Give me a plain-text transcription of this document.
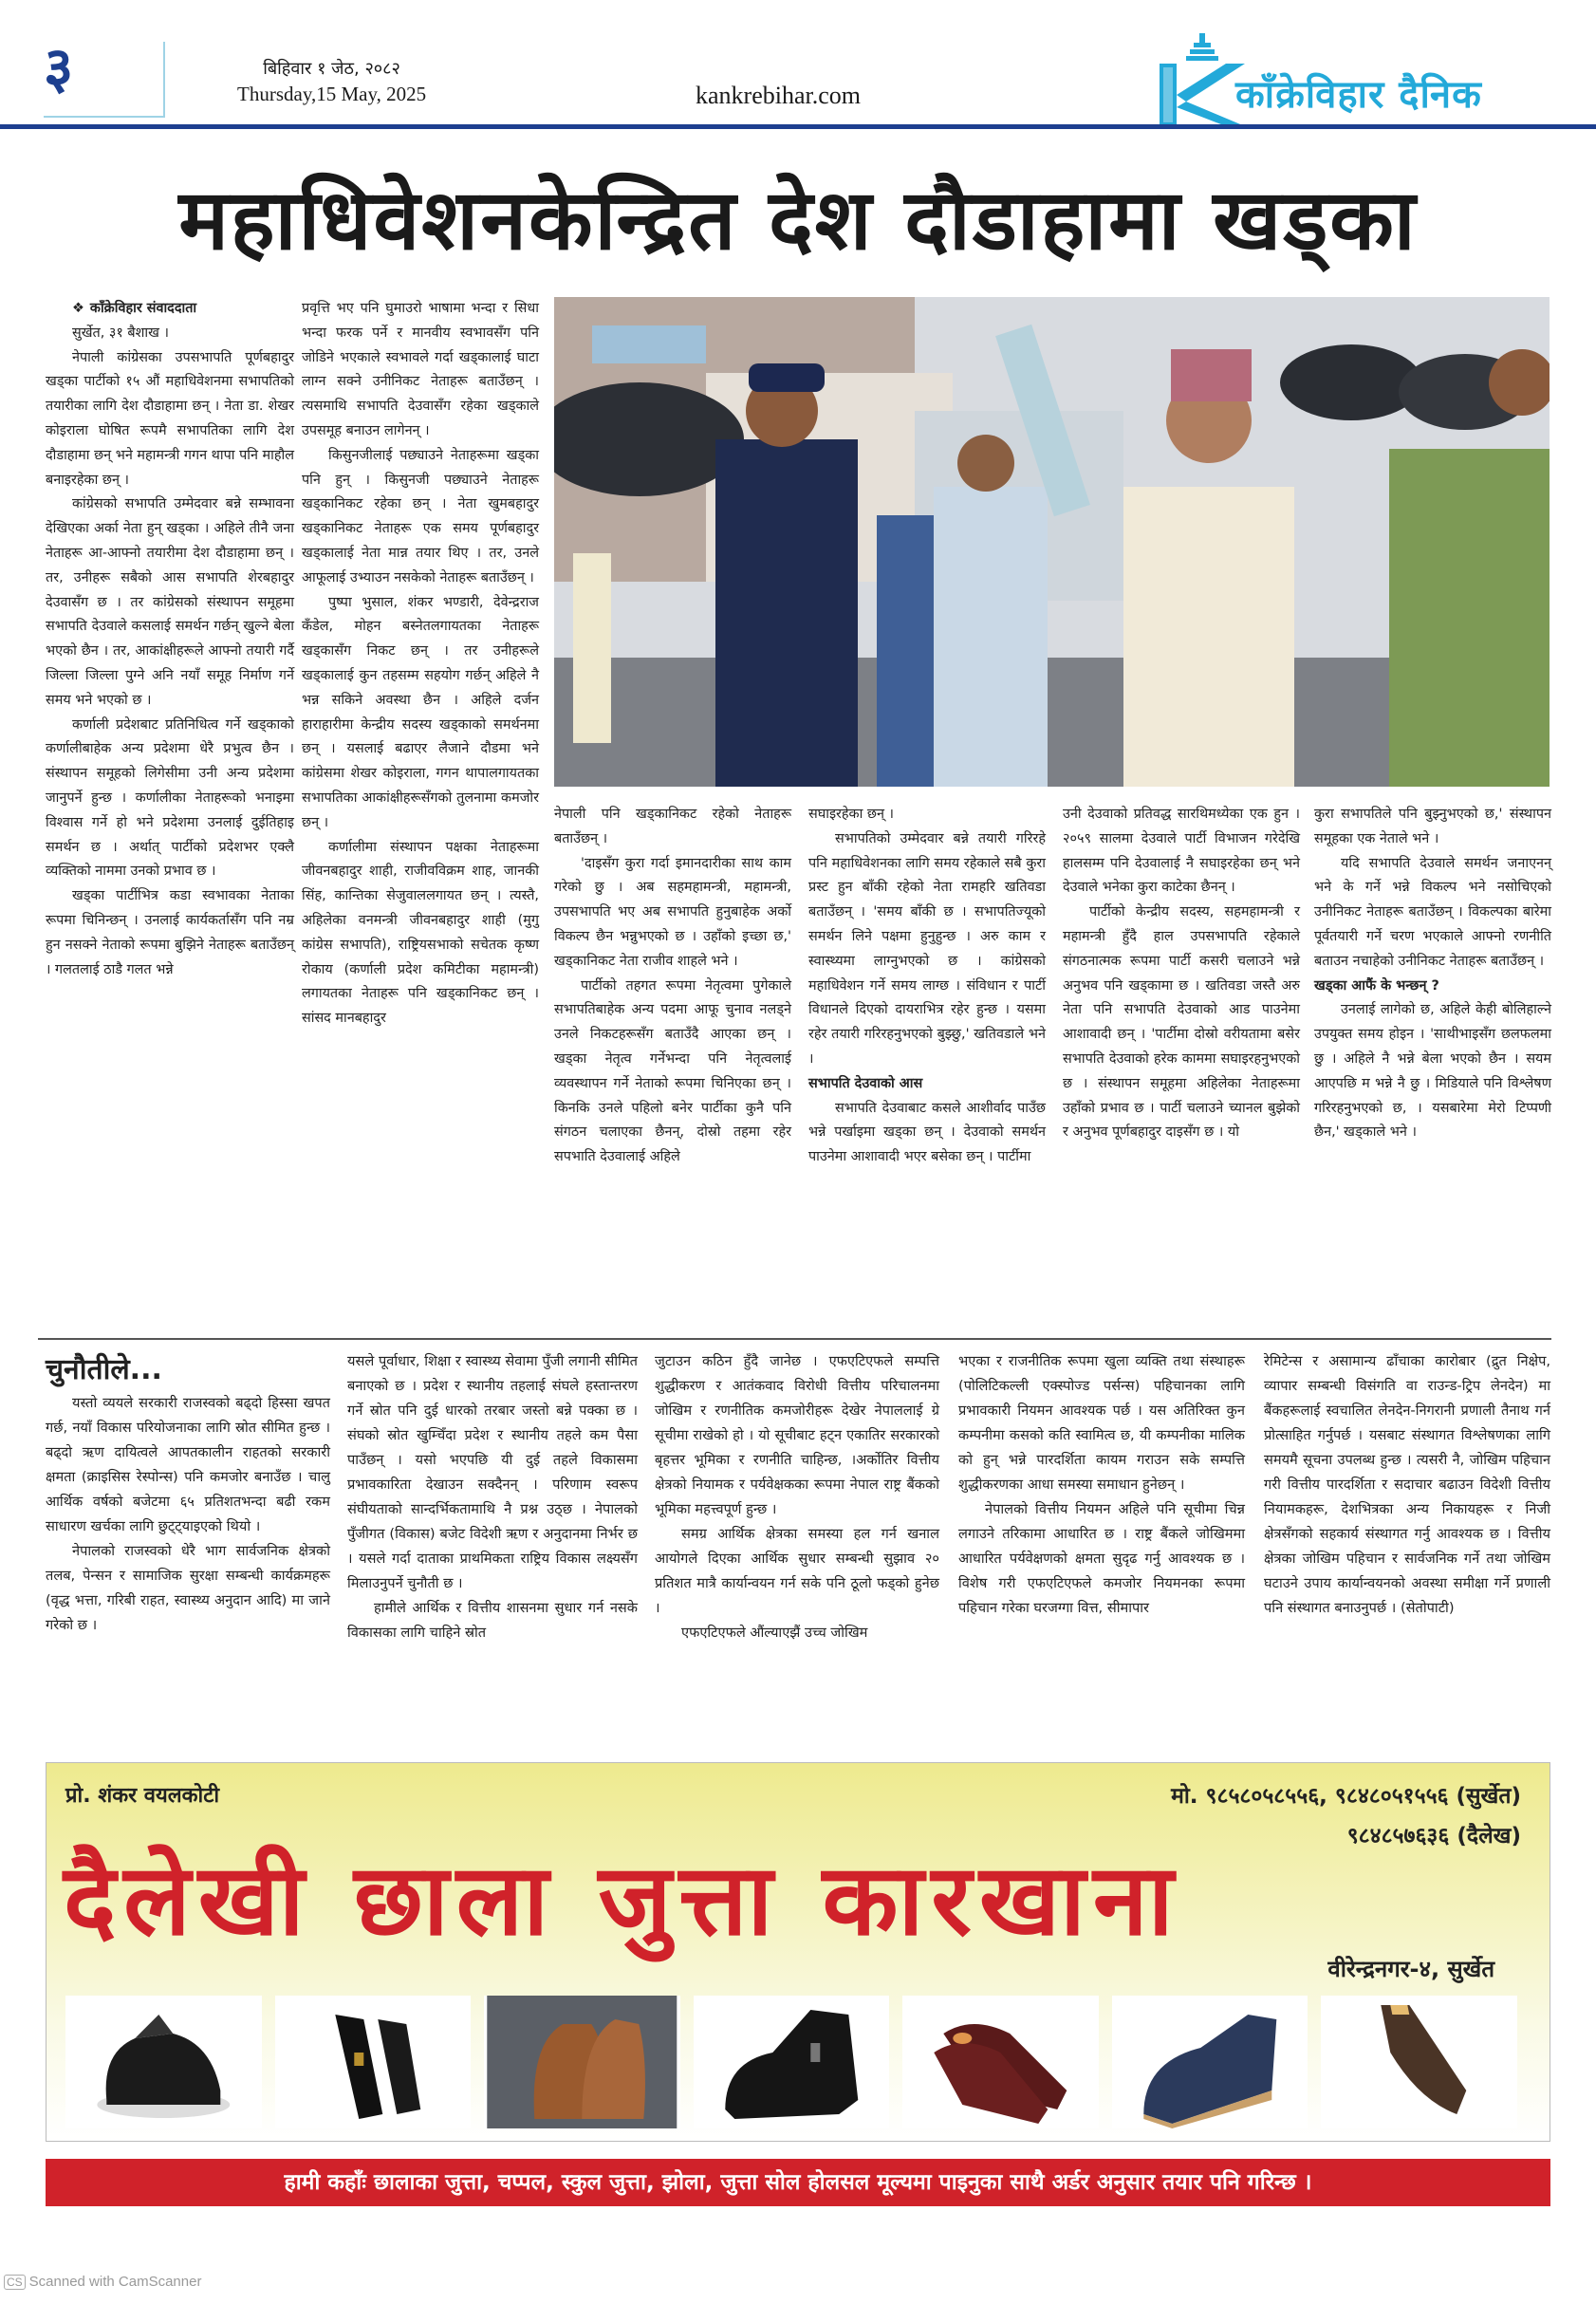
३	बिहिवार १ जेठ, २०८२
Thursday,15 May, 2025	kankrebihar.com	काँक्रेविहार दैनिक
महाधिवेशनकेन्द्रित देश दौडाहामा खड्का

❖ काँक्रेविहार संवाददाता

सुर्खेत, ३१ बैशाख ।

नेपाली कांग्रेसका उपसभापति पूर्णबहादुर खड्का पार्टीको १५ औं महाधिवेशनमा सभापतिको तयारीका लागि देश दौडाहामा छन् । नेता डा. शेखर कोइराला घोषित रूपमै सभापतिका लागि देश दौडाहामा छन् भने महामन्त्री गगन थापा पनि माहौल बनाइरहेका छन् ।

कांग्रेसको सभापति उम्मेदवार बन्ने सम्भावना देखिएका अर्का नेता हुन् खड्का । अहिले तीनै जना नेताहरू आ-आफ्नो तयारीमा देश दौडाहामा छन् । तर, उनीहरू सबैको आस सभापति शेरबहादुर देउवासँग छ । तर कांग्रेसको संस्थापन समूहमा सभापति देउवाले कसलाई समर्थन गर्छन् खुल्ने बेला भएको छैन । तर, आकांक्षीहरूले आफ्नो तयारी गर्दै जिल्ला जिल्ला पुग्ने अनि नयाँ समूह निर्माण गर्ने समय भने भएको छ ।

कर्णाली प्रदेशबाट प्रतिनिधित्व गर्ने खड्काको कर्णालीबाहेक अन्य प्रदेशमा धेरै प्रभुत्व छैन । संस्थापन समूहको लिगेसीमा उनी अन्य प्रदेशमा जानुपर्ने हुन्छ । कर्णालीका नेताहरूको भनाइमा विश्वास गर्ने हो भने प्रदेशमा उनलाई दुईतिहाइ समर्थन छ । अर्थात् पार्टीको प्रदेशभर एक्लै व्यक्तिको नाममा उनको प्रभाव छ ।

खड्का पार्टीभित्र कडा स्वभावका नेताका रूपमा चिनिन्छन् । उनलाई कार्यकर्तासँग पनि नम्र हुन नसक्ने नेताको रूपमा बुझिने नेताहरू बताउँछन् । गलतलाई ठाडै गलत भन्ने

प्रवृत्ति भए पनि घुमाउरो भाषामा भन्दा र सिधा भन्दा फरक पर्ने र मानवीय स्वभावसँग पनि जोडिने भएकाले स्वभावले गर्दा खड्कालाई घाटा लाग्न सक्ने उनीनिकट नेताहरू बताउँछन् । त्यसमाथि सभापति देउवासँग रहेका खड्काले उपसमूह बनाउन लागेनन् ।

किसुनजीलाई पछ्याउने नेताहरूमा खड्का पनि हुन् । किसुनजी पछ्याउने नेताहरू खड्कानिकट रहेका छन् । नेता खुमबहादुर खड्कानिकट नेताहरू एक समय पूर्णबहादुर खड्कालाई नेता मान्न तयार थिए । तर, उनले आफूलाई उभ्याउन नसकेको नेताहरू बताउँछन् ।

पुष्पा भुसाल, शंकर भण्डारी, देवेन्द्रराज कँडेल, मोहन बस्नेतलगायतका नेताहरू खड्कासँग निकट छन् । तर उनीहरूले खड्कालाई कुन तहसम्म सहयोग गर्छन् अहिले नै भन्न सकिने अवस्था छैन । अहिले दर्जन हाराहारीमा केन्द्रीय सदस्य खड्काको समर्थनमा छन् । यसलाई बढाएर लैजाने दौडमा भने कांग्रेसमा शेखर कोइराला, गगन थापालगायतका सभापतिका आकांक्षीहरूसँगको तुलनामा कमजोर छन् ।

कर्णालीमा संस्थापन पक्षका नेताहरूमा जीवनबहादुर शाही, राजीवविक्रम शाह, जानकी सिंह, कान्तिका सेजुवाललगायत छन् । त्यस्तै, अहिलेका वनमन्त्री जीवनबहादुर शाही (मुगु कांग्रेस सभापति), राष्ट्रियसभाको सचेतक कृष्ण रोकाय (कर्णाली प्रदेश कमिटीका महामन्त्री) लगायतका नेताहरू पनि खड्कानिकट छन् । सांसद मानबहादुर

नेपाली पनि खड्कानिकट रहेको नेताहरू बताउँछन् ।

'दाइसँग कुरा गर्दा इमानदारीका साथ काम गरेको छु । अब सहमहामन्त्री, महामन्त्री, उपसभापति भए अब सभापति हुनुबाहेक अर्को विकल्प छैन भन्नुभएको छ । उहाँको इच्छा छ,' खड्कानिकट नेता राजीव शाहले भने ।

पार्टीको तहगत रूपमा नेतृत्वमा पुगेकाले सभापतिबाहेक अन्य पदमा आफू चुनाव नलड्ने उनले निकटहरूसँग बताउँदै आएका छन् । खड्का नेतृत्व गर्नेभन्दा पनि नेतृत्वलाई व्यवस्थापन गर्ने नेताको रूपमा चिनिएका छन् । किनकि उनले पहिलो बनेर पार्टीका कुनै पनि संगठन चलाएका छैनन्, दोस्रो तहमा रहेर सपभाति देउवालाई अहिले

सघाइरहेका छन् ।

सभापतिको उम्मेदवार बन्ने तयारी गरिरहे पनि महाधिवेशनका लागि समय रहेकाले सबै कुरा प्रस्ट हुन बाँकी रहेको नेता रामहरि खतिवडा बताउँछन् । 'समय बाँकी छ । सभापतिज्यूको समर्थन लिने पक्षमा हुनुहुन्छ । अरु काम र स्वास्थ्यमा लाग्नुभएको छ । कांग्रेसको महाधिवेशन गर्ने समय लाग्छ । संविधान र पार्टी विधानले दिएको दायराभित्र रहेर हुन्छ । यसमा रहेर तयारी गरिरहनुभएको बुझ्छु,' खतिवडाले भने ।

सभापति देउवाको आस

सभापति देउवाबाट कसले आशीर्वाद पाउँछ भन्ने पर्खाइमा खड्का छन् । देउवाको समर्थन पाउनेमा आशावादी भएर बसेका छन् । पार्टीमा

उनी देउवाको प्रतिवद्ध सारथिमध्येका एक हुन । २०५९ सालमा देउवाले पार्टी विभाजन गरेदेखि हालसम्म पनि देउवालाई नै सघाइरहेका छन् भने देउवाले भनेका कुरा काटेका छैनन् ।

पार्टीको केन्द्रीय सदस्य, सहमहामन्त्री र महामन्त्री हुँदै हाल उपसभापति रहेकाले संगठनात्मक रूपमा पार्टी कसरी चलाउने भन्ने अनुभव पनि खड्कामा छ । खतिवडा जस्तै अरु नेता पनि सभापति देउवाको आड पाउनेमा आशावादी छन् । 'पार्टीमा दोस्रो वरीयतामा बसेर सभापति देउवाको हरेक काममा सघाइरहनुभएको छ । संस्थापन समूहमा अहिलेका नेताहरूमा उहाँको प्रभाव छ । पार्टी चलाउने च्यानल बुझेको र अनुभव पूर्णबहादुर दाइसँग छ । यो

कुरा सभापतिले पनि बुझ्नुभएको छ,' संस्थापन समूहका एक नेताले भने ।

यदि सभापति देउवाले समर्थन जनाएनन् भने के गर्ने भन्ने विकल्प भने नसोचिएको उनीनिकट नेताहरू बताउँछन् । विकल्पका बारेमा पूर्वतयारी गर्ने चरण भएकाले आफ्नो रणनीति बताउन नचाहेको उनीनिकट नेताहरू बताउँछन् ।

खड्का आफैं के भन्छन् ?

उनलाई लागेको छ, अहिले केही बोलिहाल्ने उपयुक्त समय होइन । 'साथीभाइसँग छलफलमा छु । अहिले नै भन्ने बेला भएको छैन । सयम आएपछि म भन्ने नै छु । मिडियाले पनि विश्लेषण गरिरहनुभएको छ, । यसबारेमा मेरो टिप्पणी छैन,' खड्काले भने ।

चुनौतीले...

यस्तो व्ययले सरकारी राजस्वको बढ्दो हिस्सा खपत गर्छ, नयाँ विकास परियोजनाका लागि स्रोत सीमित हुन्छ । बढ्दो ऋण दायित्वले आपतकालीन राहतको सरकारी क्षमता (क्राइसिस रेस्पोन्स) पनि कमजोर बनाउँछ । चालु आर्थिक वर्षको बजेटमा ६५ प्रतिशतभन्दा बढी रकम साधारण खर्चका लागि छुट्ट्याइएको थियो ।

नेपालको राजस्वको धेरै भाग सार्वजनिक क्षेत्रको तलब, पेन्सन र सामाजिक सुरक्षा सम्बन्धी कार्यक्रमहरू (वृद्ध भत्ता, गरिबी राहत, स्वास्थ्य अनुदान आदि) मा जाने गरेको छ ।

यसले पूर्वाधार, शिक्षा र स्वास्थ्य सेवामा पुँजी लगानी सीमित बनाएको छ । प्रदेश र स्थानीय तहलाई संघले हस्तान्तरण गर्ने स्रोत पनि दुई धारको तरबार जस्तो बन्ने पक्का छ । संघको स्रोत खुम्चिँदा प्रदेश र स्थानीय तहले कम पैसा पाउँछन् । यसो भएपछि यी दुई तहले विकासमा प्रभावकारिता देखाउन सक्दैनन् । परिणाम स्वरूप संघीयताको सान्दर्भिकतामाथि नै प्रश्न उठ्छ । नेपालको पुँजीगत (विकास) बजेट विदेशी ऋण र अनुदानमा निर्भर छ । यसले गर्दा दाताका प्राथमिकता राष्ट्रिय विकास लक्ष्यसँग मिलाउनुपर्ने चुनौती छ ।

हामीले आर्थिक र वित्तीय शासनमा सुधार गर्न नसके विकासका लागि चाहिने स्रोत

जुटाउन कठिन हुँदै जानेछ । एफएटिएफले सम्पत्ति शुद्धीकरण र आतंकवाद विरोधी वित्तीय परिचालनमा जोखिम र रणनीतिक कमजोरीहरू देखेर नेपाललाई ग्रे सूचीमा राखेको हो । यो सूचीबाट हट्न एकातिर सरकारको बृहत्तर भूमिका र रणनीति चाहिन्छ, ।अर्कोतिर वित्तीय क्षेत्रको नियामक र पर्यवेक्षकका रूपमा नेपाल राष्ट्र बैंकको भूमिका महत्त्वपूर्ण हुन्छ ।

समग्र आर्थिक क्षेत्रका समस्या हल गर्न खनाल आयोगले दिएका आर्थिक सुधार सम्बन्धी सुझाव २० प्रतिशत मात्रै कार्यान्वयन गर्न सके पनि ठूलो फड्को हुनेछ ।

एफएटिएफले औंल्याएझैं उच्च जोखिम

भएका र राजनीतिक रूपमा खुला व्यक्ति तथा संस्थाहरू (पोलिटिकल्ली एक्स्पोज्ड पर्सन्स) पहिचानका लागि प्रभावकारी नियमन आवश्यक पर्छ । यस अतिरिक्त कुन कम्पनीमा कसको कति स्वामित्व छ, यी कम्पनीका मालिक को हुन् भन्ने पारदर्शिता कायम गराउन सके सम्पत्ति शुद्धीकरणका आधा समस्या समाधान हुनेछन् ।

नेपालको वित्तीय नियमन अहिले पनि सूचीमा चिन्न लगाउने तरिकामा आधारित छ । राष्ट्र बैंकले जोखिममा आधारित पर्यवेक्षणको क्षमता सुदृढ गर्नु आवश्यक छ । विशेष गरी एफएटिएफले कमजोर नियमनका रूपमा पहिचान गरेका घरजग्गा वित्त, सीमापार

रेमिटेन्स र असामान्य ढाँचाका कारोबार (द्रुत निक्षेप, व्यापार सम्बन्धी विसंगति वा राउन्ड-ट्रिप लेनदेन) मा बैंकहरूलाई स्वचालित लेनदेन-निगरानी प्रणाली तैनाथ गर्न प्रोत्साहित गर्नुपर्छ । यसबाट संस्थागत विश्लेषणका लागि समयमै सूचना उपलब्ध हुन्छ । त्यसरी नै, जोखिम पहिचान गरी वित्तीय पारदर्शिता र सदाचार बढाउन विदेशी वित्तीय नियामकहरू, देशभित्रका अन्य निकायहरू र निजी क्षेत्रसँगको सहकार्य संस्थागत गर्नु आवश्यक छ । वित्तीय क्षेत्रका जोखिम पहिचान र सार्वजनिक गर्ने तथा जोखिम घटाउने उपाय कार्यान्वयनको अवस्था समीक्षा गर्ने प्रणाली पनि संस्थागत बनाउनुपर्छ । (सेतोपाटी)

प्रो. शंकर वयलकोटी	मो. ९८५८०५८५५६, ९८४८०५१५५६ (सुर्खेत)
९८४८५७६३६ (दैलेख)
दैलेखी छाला जुत्ता कारखाना
वीरेन्द्रनगर-४, सुर्खेत
हामी कहाँः छालाका जुत्ता, चप्पल, स्कुल जुत्ता, झोला, जुत्ता सोल होलसल मूल्यमा पाइनुका साथै अर्डर अनुसार तयार पनि गरिन्छ ।
CS Scanned with CamScanner
